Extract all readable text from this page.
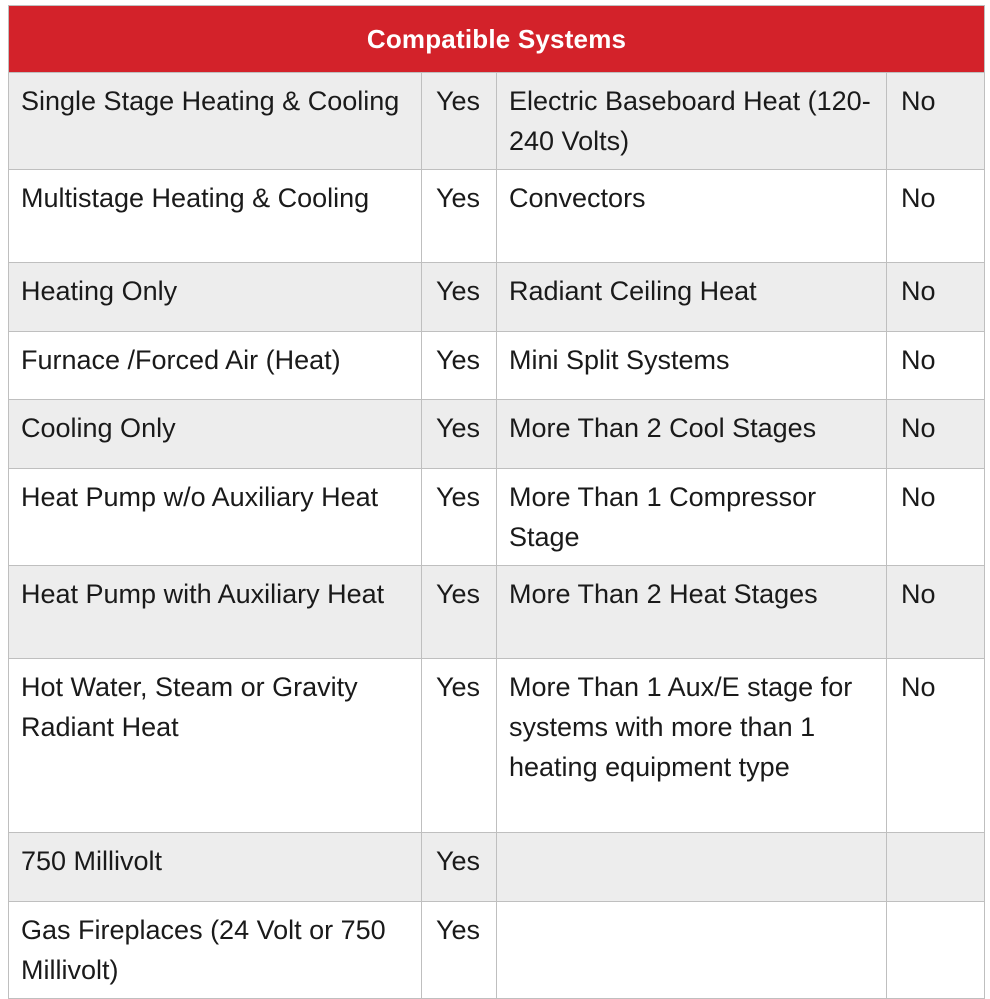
Compatible Systems			
Single Stage Heating & Cooling	Yes	Electric Baseboard Heat (120-240 Volts)	No
Multistage Heating & Cooling	Yes	Convectors	No
Heating Only	Yes	Radiant Ceiling Heat	No
Furnace /Forced Air (Heat)	Yes	Mini Split Systems	No
Cooling Only	Yes	More Than 2 Cool Stages	No
Heat Pump w/o Auxiliary Heat	Yes	More Than 1 Compressor Stage	No
Heat Pump with Auxiliary Heat	Yes	More Than 2 Heat Stages	No
Hot Water, Steam or Gravity Radiant Heat	Yes	More Than 1 Aux/E stage for systems with more than 1 heating equipment type	No
750 Millivolt	Yes		
Gas Fireplaces (24 Volt or 750 Millivolt)	Yes		
